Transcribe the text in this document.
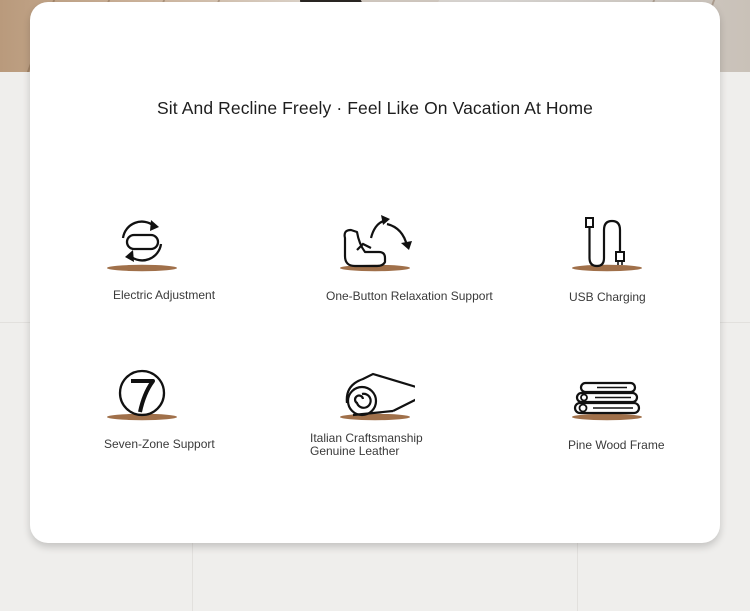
Sit And Recline Freely · Feel Like On Vacation At Home
Electric Adjustment	One-Button Relaxation Support	USB Charging
Seven-Zone Support	Italian Craftsmanship
Genuine Leather	Pine Wood Frame
